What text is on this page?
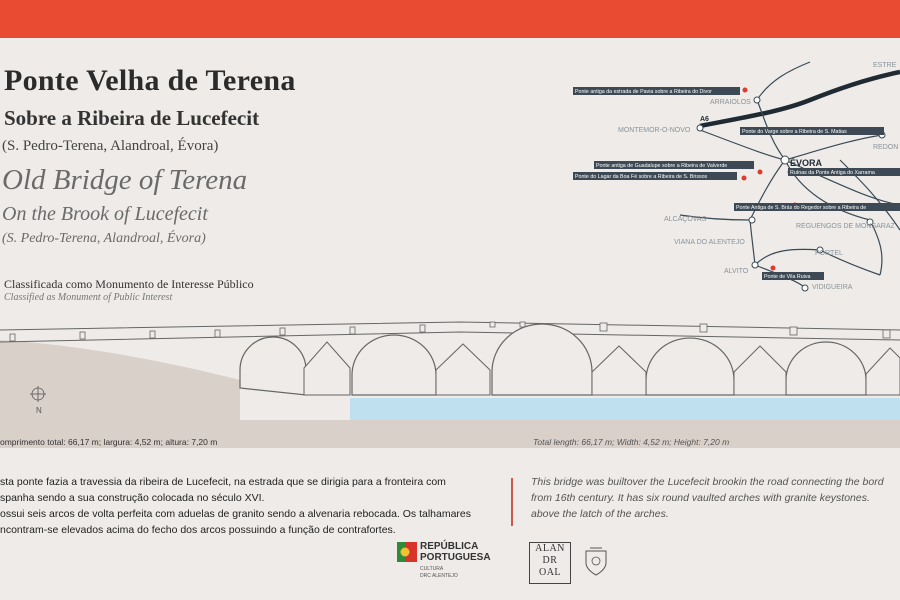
Ponte Velha de Terena
Sobre a Ribeira de Lucefecit
(S. Pedro-Terena, Alandroal, Évora)
Old Bridge of Terena
On the Brook of Lucefecit
(S. Pedro-Terena, Alandroal, Évora)
Classificada como Monumento de Interesse Público
Classified as Monument of Public Interest
ESTRE
ARRAIOLOS
MONTEMOR-O-NOVO
REDON
ALCAÇOVAS
REGUENGOS DE MONSARAZ
VIANA DO ALENTEJO
PORTEL
ALVITO
VIDIGUEIRA
ÉVORA
A6
Ponte antiga da estrada de Pavia sobre a Ribeira do Divor
Ponte do Varge sobre a Ribeira de S. Matias
Ponte antiga de Guadalupe sobre a Ribeira de Valverde
Ponte do Lagar da Boa Fé sobre a Ribeira de S. Brissos
Ruínas da Ponte Antiga do Xarrama
Ponte Antiga de S. Brás do Regedor sobre a Ribeira de
Ponte de Vila Ruiva
N
omprimento total: 66,17 m; largura: 4,52 m; altura: 7,20 m	Total length: 66,17 m; Width: 4,52 m; Height: 7,20 m
sta ponte fazia a travessia da ribeira de Lucefecit, na estrada que se dirigia para a fronteira com
spanha sendo a sua construção colocada no século XVI.
ossui seis arcos de volta perfeita com aduelas de granito sendo a alvenaria rebocada. Os talhamares
ncontram-se elevados acima do fecho dos arcos possuindo a função de contrafortes.
This bridge was builtover the Lucefecit brookin the road connecting the bord
from 16th century. It has six round vaulted arches with granite keystones.
above the latch of the arches.
REPÚBLICA
PORTUGUESA
CULTURA
DRC ALENTEJO
ALAN
DR
OAL
